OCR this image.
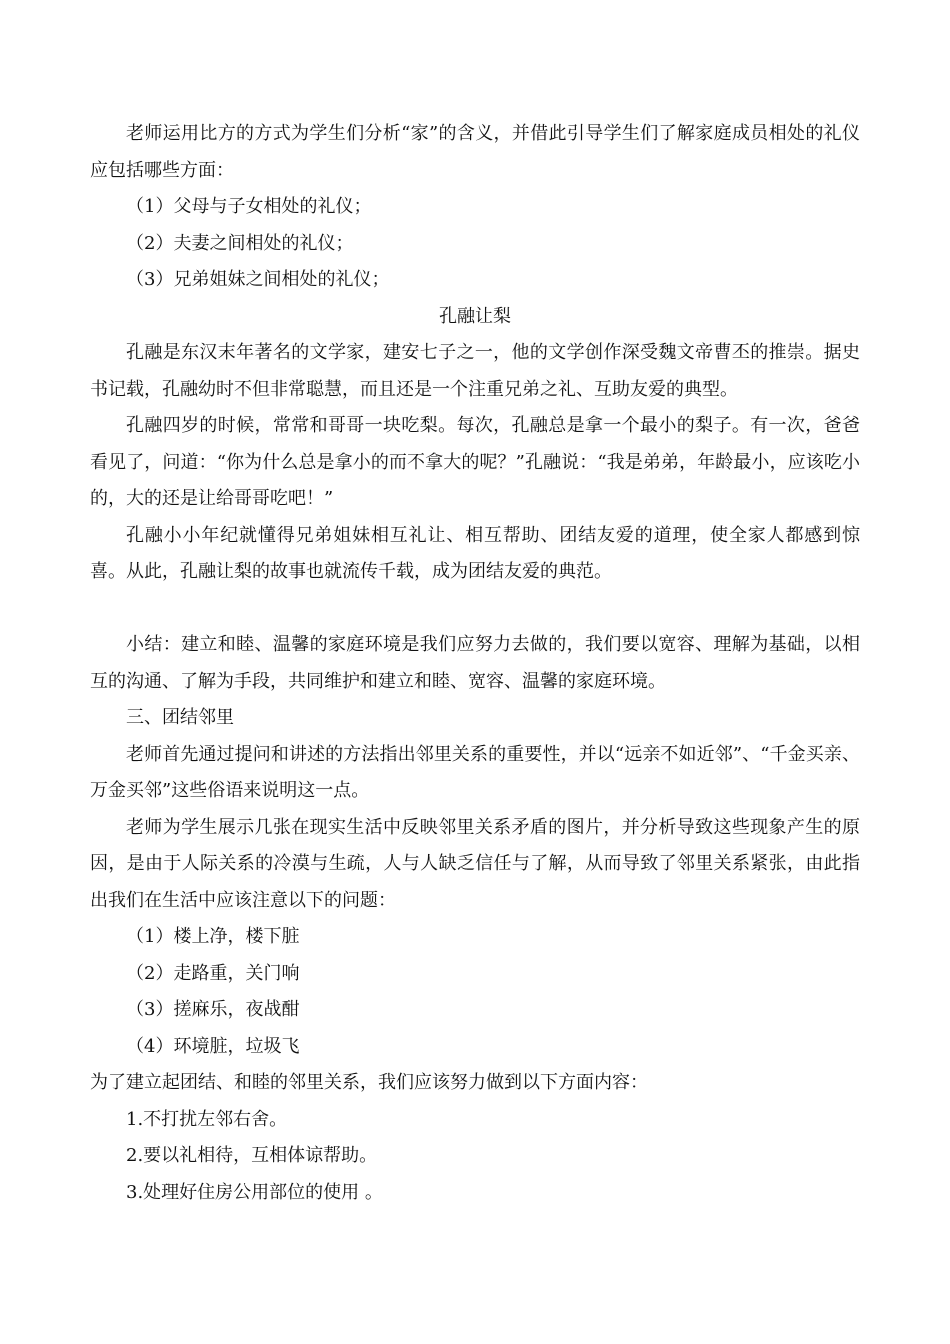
老师运用比方的方式为学生们分析“家”的含义，并借此引导学生们了解家庭成员相处的礼仪应包括哪些方面：

（1）父母与子女相处的礼仪；

（2）夫妻之间相处的礼仪；

（3）兄弟姐妹之间相处的礼仪；

孔融让梨

孔融是东汉末年著名的文学家，建安七子之一，他的文学创作深受魏文帝曹丕的推崇。据史书记载，孔融幼时不但非常聪慧，而且还是一个注重兄弟之礼、互助友爱的典型。

孔融四岁的时候，常常和哥哥一块吃梨。每次，孔融总是拿一个最小的梨子。有一次，爸爸看见了，问道：“你为什么总是拿小的而不拿大的呢？”孔融说：“我是弟弟，年龄最小，应该吃小的，大的还是让给哥哥吃吧！”

孔融小小年纪就懂得兄弟姐妹相互礼让、相互帮助、团结友爱的道理，使全家人都感到惊喜。从此，孔融让梨的故事也就流传千载，成为团结友爱的典范。

小结：建立和睦、温馨的家庭环境是我们应努力去做的，我们要以宽容、理解为基础，以相互的沟通、了解为手段，共同维护和建立和睦、宽容、温馨的家庭环境。

三、团结邻里

老师首先通过提问和讲述的方法指出邻里关系的重要性，并以“远亲不如近邻”、“千金买亲、万金买邻”这些俗语来说明这一点。

老师为学生展示几张在现实生活中反映邻里关系矛盾的图片，并分析导致这些现象产生的原因，是由于人际关系的冷漠与生疏，人与人缺乏信任与了解，从而导致了邻里关系紧张，由此指出我们在生活中应该注意以下的问题：

（1）楼上净，楼下脏

（2）走路重，关门响

（3）搓麻乐，夜战酣

（4）环境脏，垃圾飞

为了建立起团结、和睦的邻里关系，我们应该努力做到以下方面内容：

1.不打扰左邻右舍。

2.要以礼相待，互相体谅帮助。

3.处理好住房公用部位的使用 。
